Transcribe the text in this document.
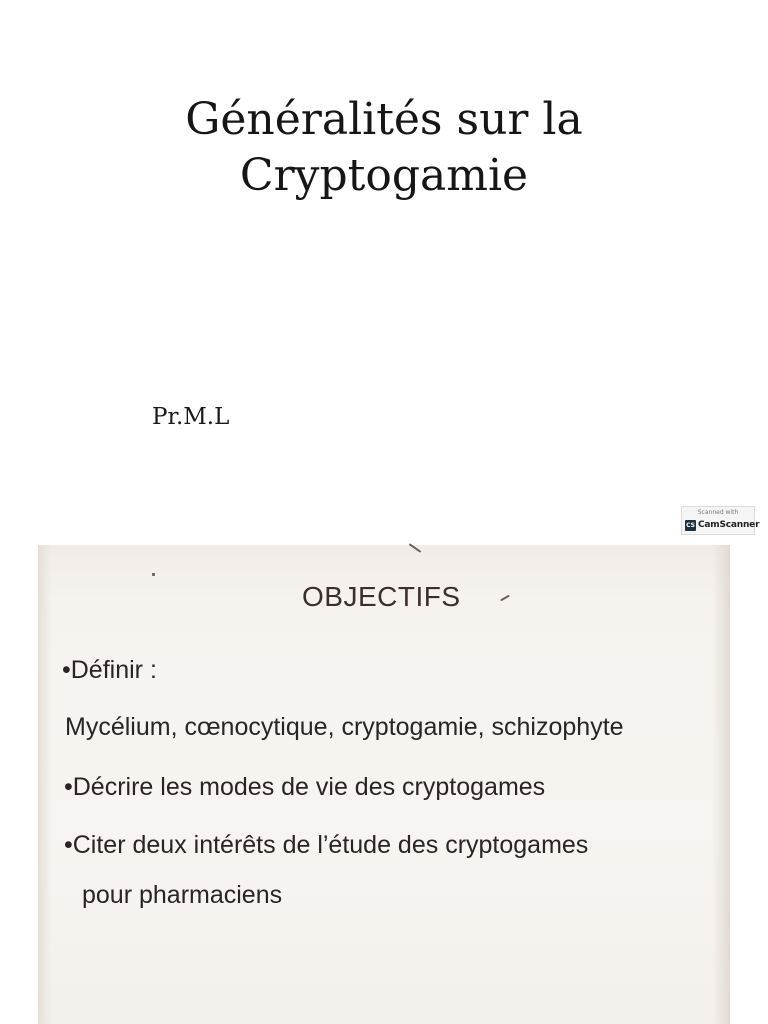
Généralités sur la
Cryptogamie
Pr.M.L
Scanned with
CS CamScanner
OBJECTIFS
•Définir :
Mycélium, cœnocytique, cryptogamie, schizophyte
•Décrire les modes de vie des cryptogames
•Citer deux intérêts de l’étude des cryptogames
pour pharmaciens
